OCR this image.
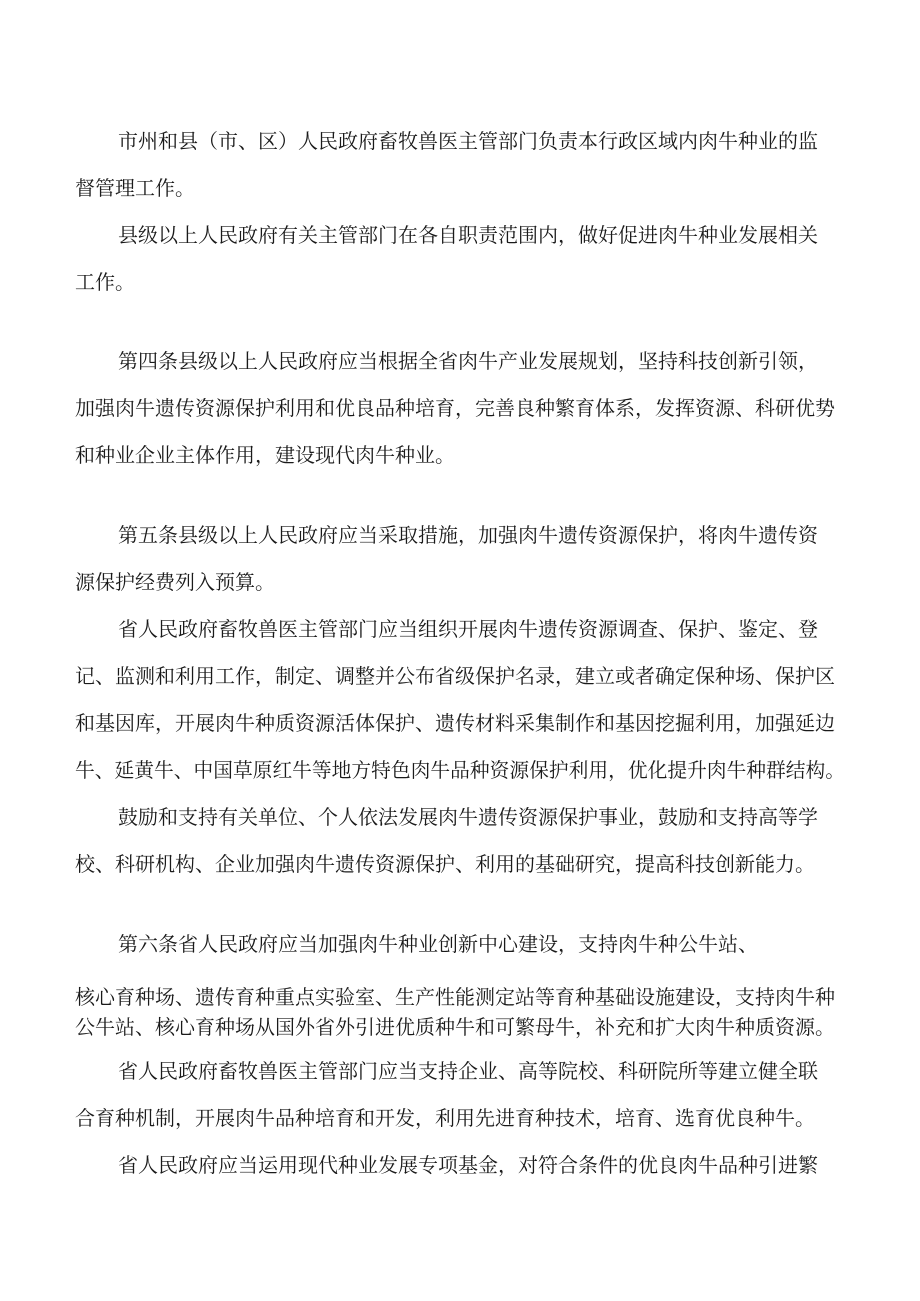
市州和县（市、区）人民政府畜牧兽医主管部门负责本行政区域内肉牛种业的监
督管理工作。
县级以上人民政府有关主管部门在各自职责范围内，做好促进肉牛种业发展相关
工作。
第四条县级以上人民政府应当根据全省肉牛产业发展规划，坚持科技创新引领，
加强肉牛遗传资源保护利用和优良品种培育，完善良种繁育体系，发挥资源、科研优势
和种业企业主体作用，建设现代肉牛种业。
第五条县级以上人民政府应当采取措施，加强肉牛遗传资源保护，将肉牛遗传资
源保护经费列入预算。
省人民政府畜牧兽医主管部门应当组织开展肉牛遗传资源调查、保护、鉴定、登
记、监测和利用工作，制定、调整并公布省级保护名录，建立或者确定保种场、保护区
和基因库，开展肉牛种质资源活体保护、遗传材料采集制作和基因挖掘利用，加强延边
牛、延黄牛、中国草原红牛等地方特色肉牛品种资源保护利用，优化提升肉牛种群结构。
鼓励和支持有关单位、个人依法发展肉牛遗传资源保护事业，鼓励和支持高等学
校、科研机构、企业加强肉牛遗传资源保护、利用的基础研究，提高科技创新能力。
第六条省人民政府应当加强肉牛种业创新中心建设，支持肉牛种公牛站、
核心育种场、遗传育种重点实验室、生产性能测定站等育种基础设施建设，支持肉牛种
公牛站、核心育种场从国外省外引进优质种牛和可繁母牛，补充和扩大肉牛种质资源。
省人民政府畜牧兽医主管部门应当支持企业、高等院校、科研院所等建立健全联
合育种机制，开展肉牛品种培育和开发，利用先进育种技术，培育、选育优良种牛。
省人民政府应当运用现代种业发展专项基金，对符合条件的优良肉牛品种引进繁
